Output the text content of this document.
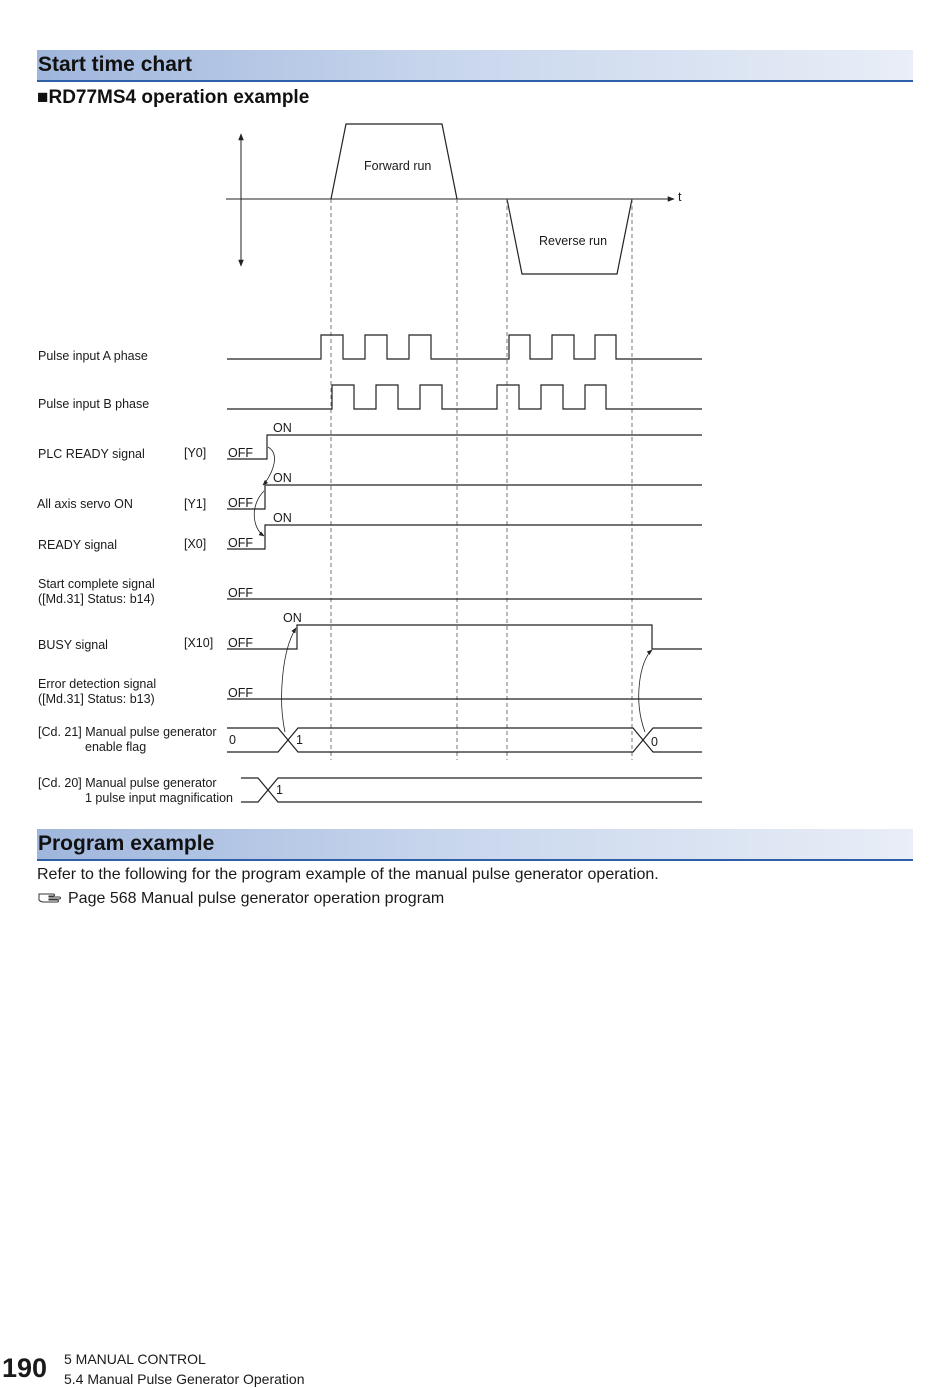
Start time chart
■RD77MS4 operation example
t
Forward run
Reverse run
ON
OFF
ON
OFF
ON
OFF
OFF
ON
OFF
OFF
0	1	0
1
Pulse input A phase
Pulse input B phase
PLC READY signal	[Y0]
All axis servo ON	[Y1]
READY signal	[X0]
Start complete signal
([Md.31] Status: b14)
BUSY signal	[X10]
Error detection signal
([Md.31] Status: b13)
[Cd. 21] Manual pulse generator
enable flag
[Cd. 20] Manual pulse generator
1 pulse input magnification
Program example
Refer to the following for the program example of the manual pulse generator operation.
Page 568 Manual pulse generator operation program
190 5 MANUAL CONTROL
5.4 Manual Pulse Generator Operation
